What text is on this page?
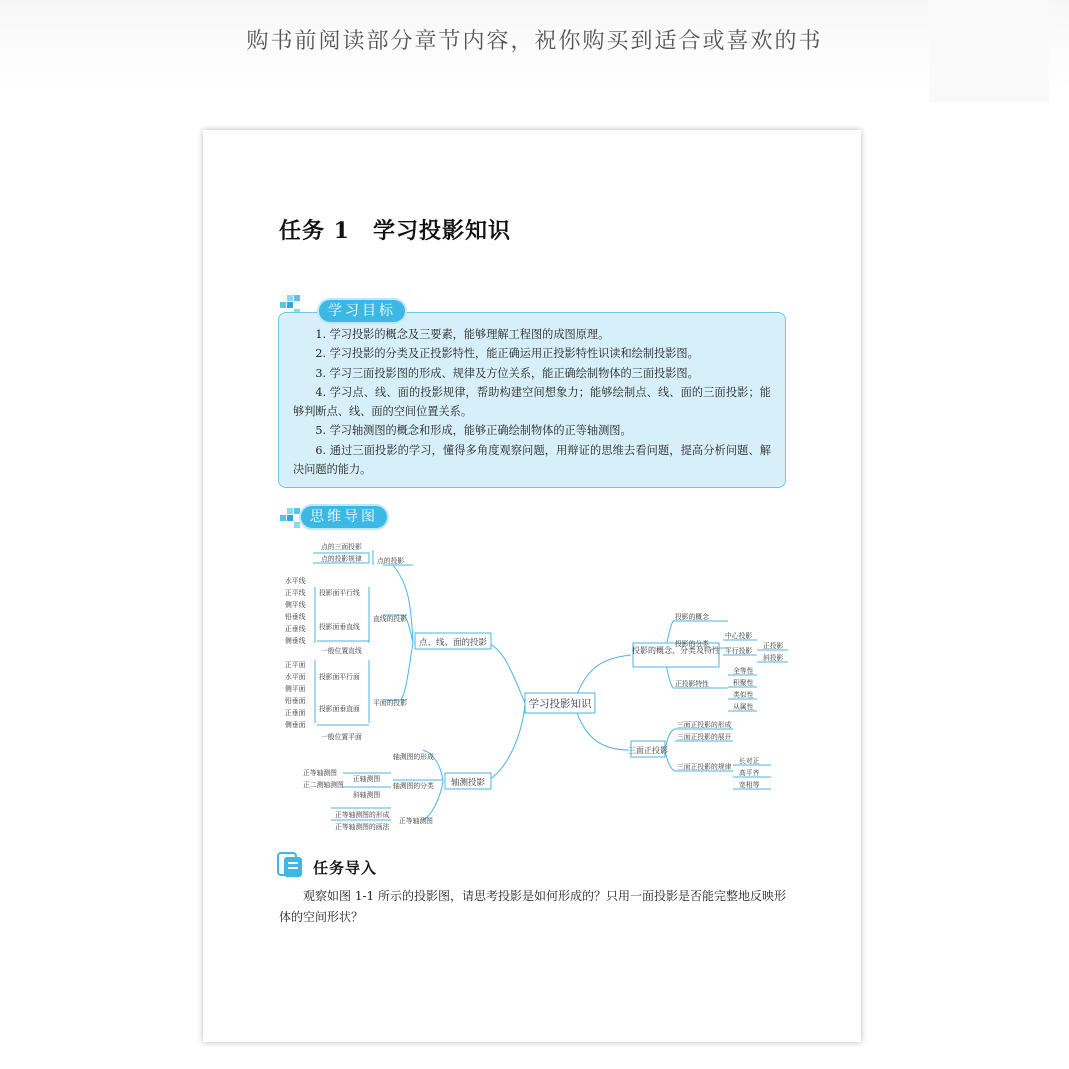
购书前阅读部分章节内容，祝你购买到适合或喜欢的书
任务 1　学习投影知识
学习目标

1. 学习投影的概念及三要素，能够理解工程图的成图原理。

2. 学习投影的分类及正投影特性，能正确运用正投影特性识读和绘制投影图。

3. 学习三面投影图的形成、规律及方位关系，能正确绘制物体的三面投影图。

4. 学习点、线、面的投影规律，帮助构建空间想象力；能够绘制点、线、面的三面投影；能够判断点、线、面的空间位置关系。

5. 学习轴测图的概念和形成，能够正确绘制物体的正等轴测图。

6. 通过三面投影的学习，懂得多角度观察问题，用辩证的思维去看问题，提高分析问题、解决问题的能力。

思维导图
学习投影知识
点、线、面的投影
轴测投影
投影的概念、分类及特性
三面正投影
点的三面投影
点的投影规律 点的投影
水平线
正平线
侧平线
投影面平行线
铅垂线
正垂线
侧垂线
投影面垂直线
直线的投影
一般位置直线
正平面
水平面
侧平面
投影面平行面
铅垂面
正垂面
侧垂面
投影面垂直面
平面的投影
一般位置平面
轴测图的形成
正等轴测图
正二测轴测图
正轴测图
轴测图的分类
斜轴测图
正等轴测图的形成
正等轴测图的画法
正等轴测图
投影的概念
投影的分类
中心投影
平行投影
正投影
斜投影
正投影特性
全等性
积聚性
类似性
从属性
三面正投影的形成
三面正投影的展开
三面正投影的规律
长对正
高平齐
宽相等
任务导入

观察如图 1-1 所示的投影图，请思考投影是如何形成的？只用一面投影是否能完整地反映形体的空间形状？
